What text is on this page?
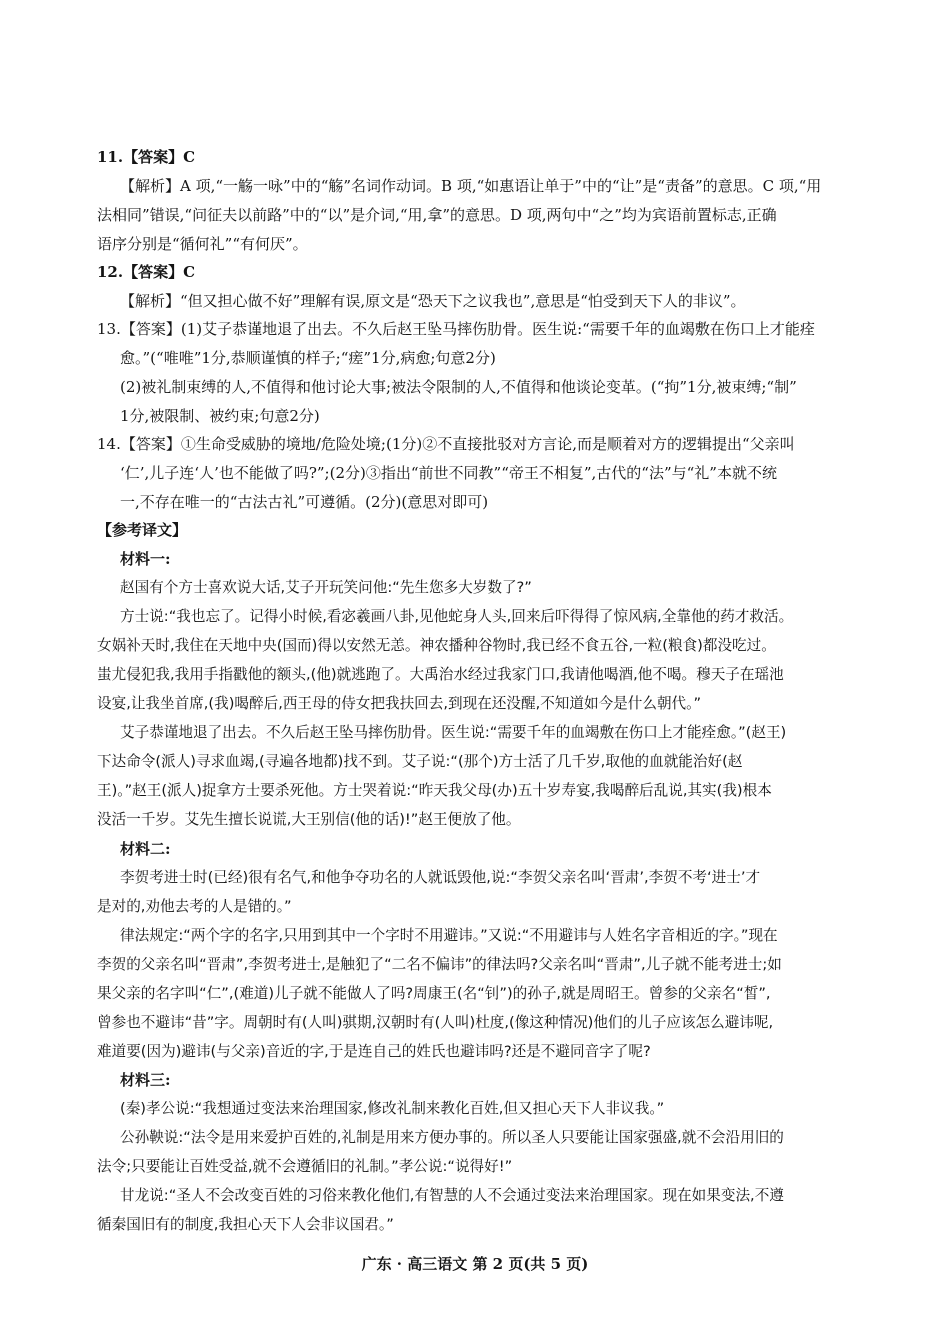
11.【答案】C
【解析】A 项,“一觞一咏”中的“觞”名词作动词。B 项,“如惠语让单于”中的“让”是“责备”的意思。C 项,“用
法相同”错误,“问征夫以前路”中的“以”是介词,“用,拿”的意思。D 项,两句中“之”均为宾语前置标志,正确
语序分别是“循何礼”“有何厌”。
12.【答案】C
【解析】“但又担心做不好”理解有误,原文是“恐天下之议我也”,意思是“怕受到天下人的非议”。
13.【答案】(1)艾子恭谨地退了出去。不久后赵王坠马摔伤肋骨。医生说:“需要千年的血竭敷在伤口上才能痊
愈。”(“唯唯”1分,恭顺谨慎的样子;“瘥”1分,病愈;句意2分)
(2)被礼制束缚的人,不值得和他讨论大事;被法令限制的人,不值得和他谈论变革。(“拘”1分,被束缚;“制”
1分,被限制、被约束;句意2分)
14.【答案】①生命受威胁的境地/危险处境;(1分)②不直接批驳对方言论,而是顺着对方的逻辑提出“父亲叫
‘仁’,儿子连‘人’也不能做了吗?”;(2分)③指出“前世不同教”“帝王不相复”,古代的“法”与“礼”本就不统
一,不存在唯一的“古法古礼”可遵循。(2分)(意思对即可)
【参考译文】
材料一:
赵国有个方士喜欢说大话,艾子开玩笑问他:“先生您多大岁数了?”
方士说:“我也忘了。记得小时候,看宓羲画八卦,见他蛇身人头,回来后吓得得了惊风病,全靠他的药才救活。
女娲补天时,我住在天地中央(国而)得以安然无恙。神农播种谷物时,我已经不食五谷,一粒(粮食)都没吃过。
蚩尤侵犯我,我用手指戳他的额头,(他)就逃跑了。大禹治水经过我家门口,我请他喝酒,他不喝。穆天子在瑶池
设宴,让我坐首席,(我)喝醉后,西王母的侍女把我扶回去,到现在还没醒,不知道如今是什么朝代。”
艾子恭谨地退了出去。不久后赵王坠马摔伤肋骨。医生说:“需要千年的血竭敷在伤口上才能痊愈。”(赵王)
下达命令(派人)寻求血竭,(寻遍各地都)找不到。艾子说:“(那个)方士活了几千岁,取他的血就能治好(赵
王)。”赵王(派人)捉拿方士要杀死他。方士哭着说:“昨天我父母(办)五十岁寿宴,我喝醉后乱说,其实(我)根本
没活一千岁。艾先生擅长说谎,大王别信(他的话)!”赵王便放了他。
材料二:
李贺考进士时(已经)很有名气,和他争夺功名的人就诋毁他,说:“李贺父亲名叫‘晋肃’,李贺不考‘进士’才
是对的,劝他去考的人是错的。”
律法规定:“两个字的名字,只用到其中一个字时不用避讳。”又说:“不用避讳与人姓名字音相近的字。”现在
李贺的父亲名叫“晋肃”,李贺考进士,是触犯了“二名不偏讳”的律法吗?父亲名叫“晋肃”,儿子就不能考进士;如
果父亲的名字叫“仁”,(难道)儿子就不能做人了吗?周康王(名“钊”)的孙子,就是周昭王。曾参的父亲名“皙”,
曾参也不避讳“昔”字。周朝时有(人叫)骐期,汉朝时有(人叫)杜度,(像这种情况)他们的儿子应该怎么避讳呢,
难道要(因为)避讳(与父亲)音近的字,于是连自己的姓氏也避讳吗?还是不避同音字了呢?
材料三:
(秦)孝公说:“我想通过变法来治理国家,修改礼制来教化百姓,但又担心天下人非议我。”
公孙鞅说:“法令是用来爱护百姓的,礼制是用来方便办事的。所以圣人只要能让国家强盛,就不会沿用旧的
法令;只要能让百姓受益,就不会遵循旧的礼制。”孝公说:“说得好!”
甘龙说:“圣人不会改变百姓的习俗来教化他们,有智慧的人不会通过变法来治理国家。现在如果变法,不遵
循秦国旧有的制度,我担心天下人会非议国君。”
广东 · 高三语文 第 2 页(共 5 页)
